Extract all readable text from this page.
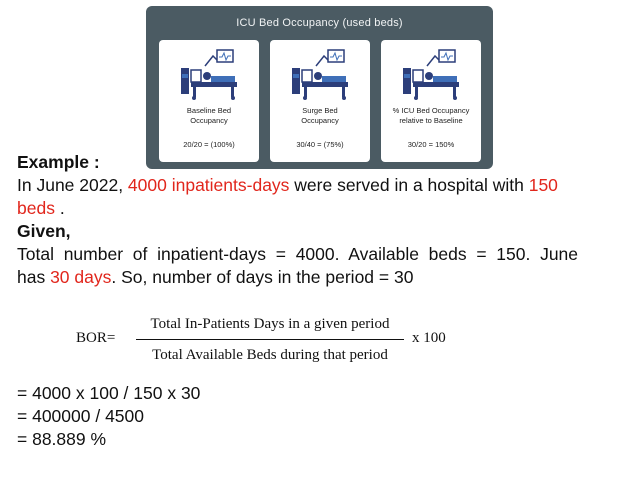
ICU Bed Occupancy (used beds)
Baseline Bed
Occupancy
20/20 = (100%)
Surge Bed
Occupancy
30/40 = (75%)
% ICU Bed Occupancy
relative to Baseline
30/20 = 150%
Example :
In June 2022, 4000 inpatients-days were served in a hospital with 150
beds .
Given,
Total  number  of  inpatient-days  =  4000.  Available  beds  =  150.  June
has 30 days. So, number of days in the period = 30
BOR=
Total In-Patients Days in a given period
Total Available Beds during that period
x 100
= 4000 x 100 / 150 x 30
= 400000 / 4500
= 88.889 %
